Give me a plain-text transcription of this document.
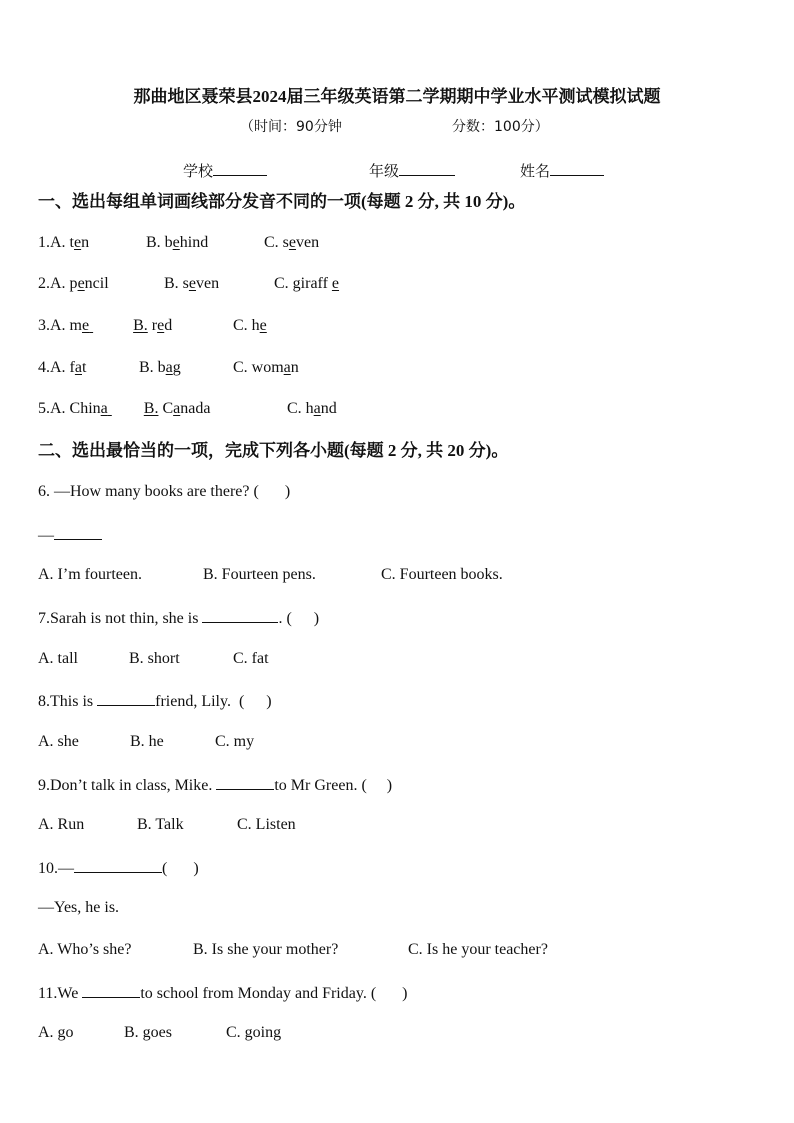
那曲地区聂荣县2024届三年级英语第二学期期中学业水平测试模拟试题
（时间：90分钟	分数：100分）
学校	年级	姓名
一、选出每组单词画线部分发音不同的一项(每题 2 分, 共 10 分)。
1.A. ten	B. behind	C. seven
2.A. pencil	B. seven	C. giraff e
3.A. me	B. red	C. he
4.A. fat	B. bag	C. woman
5.A. China B. Canada	C. hand
二、选出最恰当的一项，完成下列各小题(每题 2 分, 共 20 分)。
6. —How many books are there? ( )
—
A. I’m fourteen.	B. Fourteen pens.	C. Fourteen books.
7.Sarah is not thin, she is	. ( )
A. tall	B. short	C. fat
8.This is	friend, Lily.  ( )
A. she	B. he	C. my
9.Don’t talk in class, Mike.	to Mr Green. ( )
A. Run	B. Talk	C. Listen
10.—	( )
—Yes, he is.
A. Who’s she?	B. Is she your mother?	C. Is he your teacher?
11.We	to school from Monday and Friday. ( )
A. go	B. goes	C. going
